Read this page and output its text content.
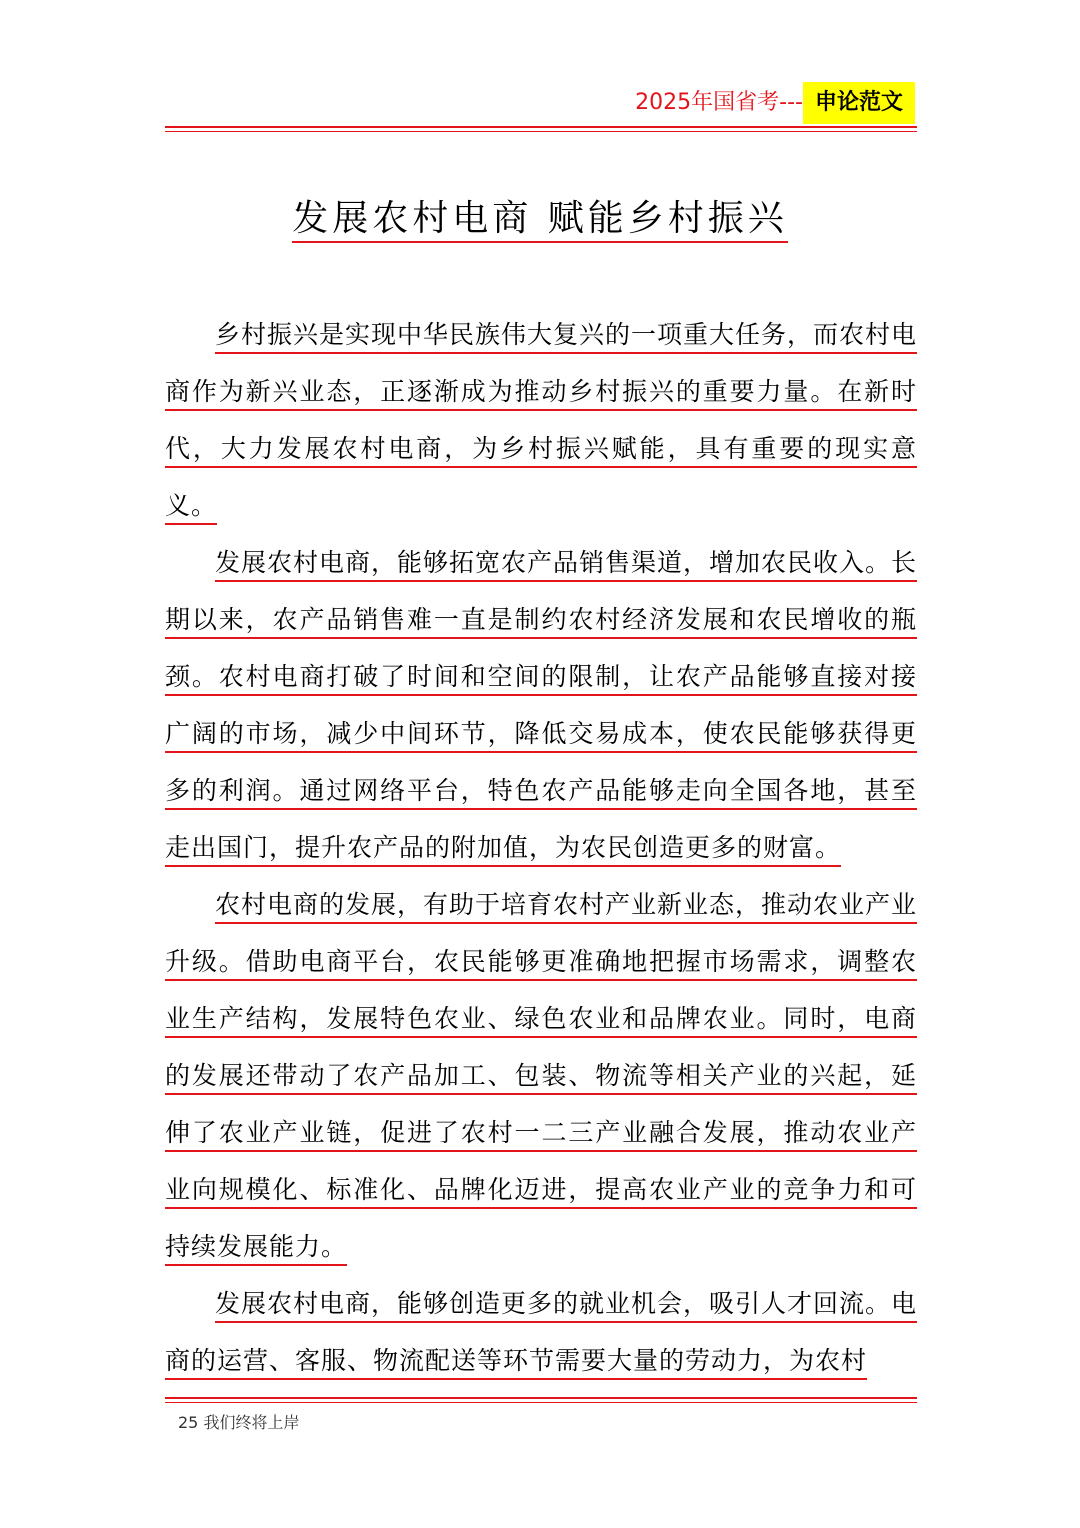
2025年国省考--- 申论范文
发展农村电商 赋能乡村振兴

乡村振兴是实现中华民族伟大复兴的一项重大任务，而农村电商作为新兴业态，正逐渐成为推动乡村振兴的重要力量。在新时代，大力发展农村电商，为乡村振兴赋能，具有重要的现实意义。

发展农村电商，能够拓宽农产品销售渠道，增加农民收入。长期以来，农产品销售难一直是制约农村经济发展和农民增收的瓶颈。农村电商打破了时间和空间的限制，让农产品能够直接对接广阔的市场，减少中间环节，降低交易成本，使农民能够获得更多的利润。通过网络平台，特色农产品能够走向全国各地，甚至走出国门，提升农产品的附加值，为农民创造更多的财富。

农村电商的发展，有助于培育农村产业新业态，推动农业产业升级。借助电商平台，农民能够更准确地把握市场需求，调整农业生产结构，发展特色农业、绿色农业和品牌农业。同时，电商的发展还带动了农产品加工、包装、物流等相关产业的兴起，延伸了农业产业链，促进了农村一二三产业融合发展，推动农业产业向规模化、标准化、品牌化迈进，提高农业产业的竞争力和可持续发展能力。

发展农村电商，能够创造更多的就业机会，吸引人才回流。电商的运营、客服、物流配送等环节需要大量的劳动力，为农村

25 我们终将上岸
